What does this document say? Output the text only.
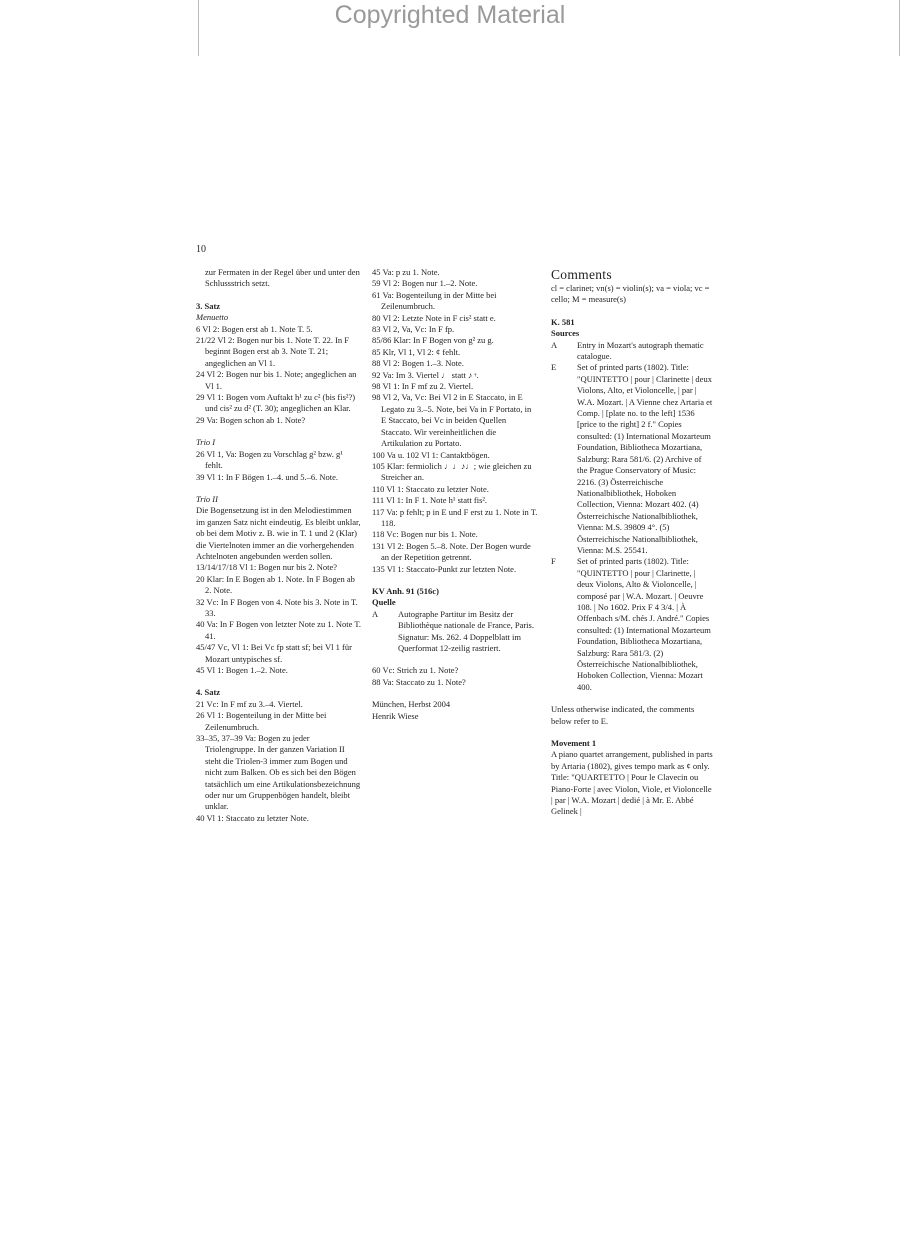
Copyrighted Material
10

zur Fermaten in der Regel über und unter den Schlussstrich setzt.

3. Satz

Menuetto

6 Vl 2: Bogen erst ab 1. Note T. 5.

21/22 Vl 2: Bogen nur bis 1. Note T. 22. In F beginnt Bogen erst ab 3. Note T. 21; angeglichen an Vl 1.

24 Vl 2: Bogen nur bis 1. Note; angeglichen an Vl 1.

29 Vl 1: Bogen vom Auftakt h¹ zu c² (bis fis²?) und cis² zu d² (T. 30); angeglichen an Klar.

29 Va: Bogen schon ab 1. Note?

Trio I

26 Vl 1, Va: Bogen zu Vorschlag g² bzw. g¹ fehlt.

39 Vl 1: In F Bögen 1.–4. und 5.–6. Note.

Trio II

Die Bogensetzung ist in den Melodiestimmen im ganzen Satz nicht eindeutig. Es bleibt unklar, ob bei dem Motiv z. B. wie in T. 1 und 2 (Klar) die Viertelnoten immer an die vorhergehenden Achtelnoten angebunden werden sollen.

13/14/17/18 Vl 1: Bogen nur bis 2. Note?

20 Klar: In E Bogen ab 1. Note. In F Bogen ab 2. Note.

32 Vc: In F Bogen von 4. Note bis 3. Note in T. 33.

40 Va: In F Bogen von letzter Note zu 1. Note T. 41.

45/47 Vc, Vl 1: Bei Vc fp statt sf; bei Vl 1 für Mozart untypisches sf.

45 Vl 1: Bogen 1.–2. Note.

4. Satz

21 Vc: In F mf zu 3.–4. Viertel.

26 Vl 1: Bogenteilung in der Mitte bei Zeilenumbruch.

33–35, 37–39 Va: Bogen zu jeder Triolengruppe. In der ganzen Variation II steht die Triolen-3 immer zum Bogen und nicht zum Balken. Ob es sich bei den Bögen tatsächlich um eine Artikulationsbezeichnung oder nur um Gruppenbögen handelt, bleibt unklar.

40 Vl 1: Staccato zu letzter Note.

45 Va: p zu 1. Note.

59 Vl 2: Bogen nur 1.–2. Note.

61 Va: Bogenteilung in der Mitte bei Zeilenumbruch.

80 Vl 2: Letzte Note in F cis² statt e.

83 Vl 2, Va, Vc: In F fp.

85/86 Klar: In F Bogen von g² zu g.

85 Klr, Vl 1, Vl 2: ¢ fehlt.

88 Vl 2: Bogen 1.–3. Note.

92 Va: Im 3. Viertel ♩ statt ♪ 𝄾.

98 Vl 1: In F mf zu 2. Viertel.

98 Vl 2, Va, Vc: Bei Vl 2 in E Staccato, in E Legato zu 3.–5. Note, bei Va in F Portato, in E Staccato, bei Vc in beiden Quellen Staccato. Wir vereinheitlichen die Artikulation zu Portato.

100 Va u. 102 Vl 1: Cantaktbögen.

105 Klar: fermiolich ♩♩♪♩; wie gleichen zu Streicher an.

110 Vl 1: Staccato zu letzter Note.

111 Vl 1: In F 1. Note h¹ statt fis².

117 Va: p fehlt; p in E und F erst zu 1. Note in T. 118.

118 Vc: Bogen nur bis 1. Note.

131 Vl 2: Bogen 5.–8. Note. Der Bogen wurde an der Repetition getrennt.

135 Vl 1: Staccato-Punkt zur letzten Note.

KV Anh. 91 (516c)

Quelle

A	Autographe Partitur im Besitz der Bibliothèque nationale de France, Paris. Signatur: Ms. 262. 4 Doppelblatt im Querformat 12-zeilig rastriert.

60 Vc: Strich zu 1. Note?

88 Va: Staccato zu 1. Note?

München, Herbst 2004

Henrik Wiese

Comments

cl = clarinet; vn(s) = violin(s); va = viola; vc = cello; M = measure(s)

K. 581

Sources

A	Entry in Mozart's autograph thematic catalogue.
E	Set of printed parts (1802). Title: "QUINTETTO | pour | Clarinette | deux Violons, Alto, et Violoncelle, | par | W.A. Mozart. | A Vienne chez Artaria et Comp. | [plate no. to the left] 1536 [price to the right] 2 f." Copies consulted: (1) International Mozarteum Foundation, Bibliotheca Mozartiana, Salzburg: Rara 581/6. (2) Archive of the Prague Conservatory of Music: 2216. (3) Österreichische Nationalbibliothek, Hoboken Collection, Vienna: Mozart 402. (4) Österreichische Nationalbibliothek, Vienna: M.S. 39809 4°. (5) Österreichische Nationalbibliothek, Vienna: M.S. 25541.
F	Set of printed parts (1802). Title: "QUINTETTO | pour | Clarinette, | deux Violons, Alto & Violoncelle, | composé par | W.A. Mozart. | Oeuvre 108. | No 1602. Prix F 4 3/4. | À Offenbach s/M. chés J. André." Copies consulted: (1) International Mozarteum Foundation, Bibliotheca Mozartiana, Salzburg: Rara 581/3. (2) Österreichische Nationalbibliothek, Hoboken Collection, Vienna: Mozart 400.

Unless otherwise indicated, the comments below refer to E.

Movement 1

A piano quartet arrangement, published in parts by Artaria (1802), gives tempo mark as ¢ only. Title: "QUARTETTO | Pour le Clavecin ou Piano-Forte | avec Violon, Viole, et Violoncelle | par | W.A. Mozart | dedié | à Mr. E. Abbé Gelinek |
